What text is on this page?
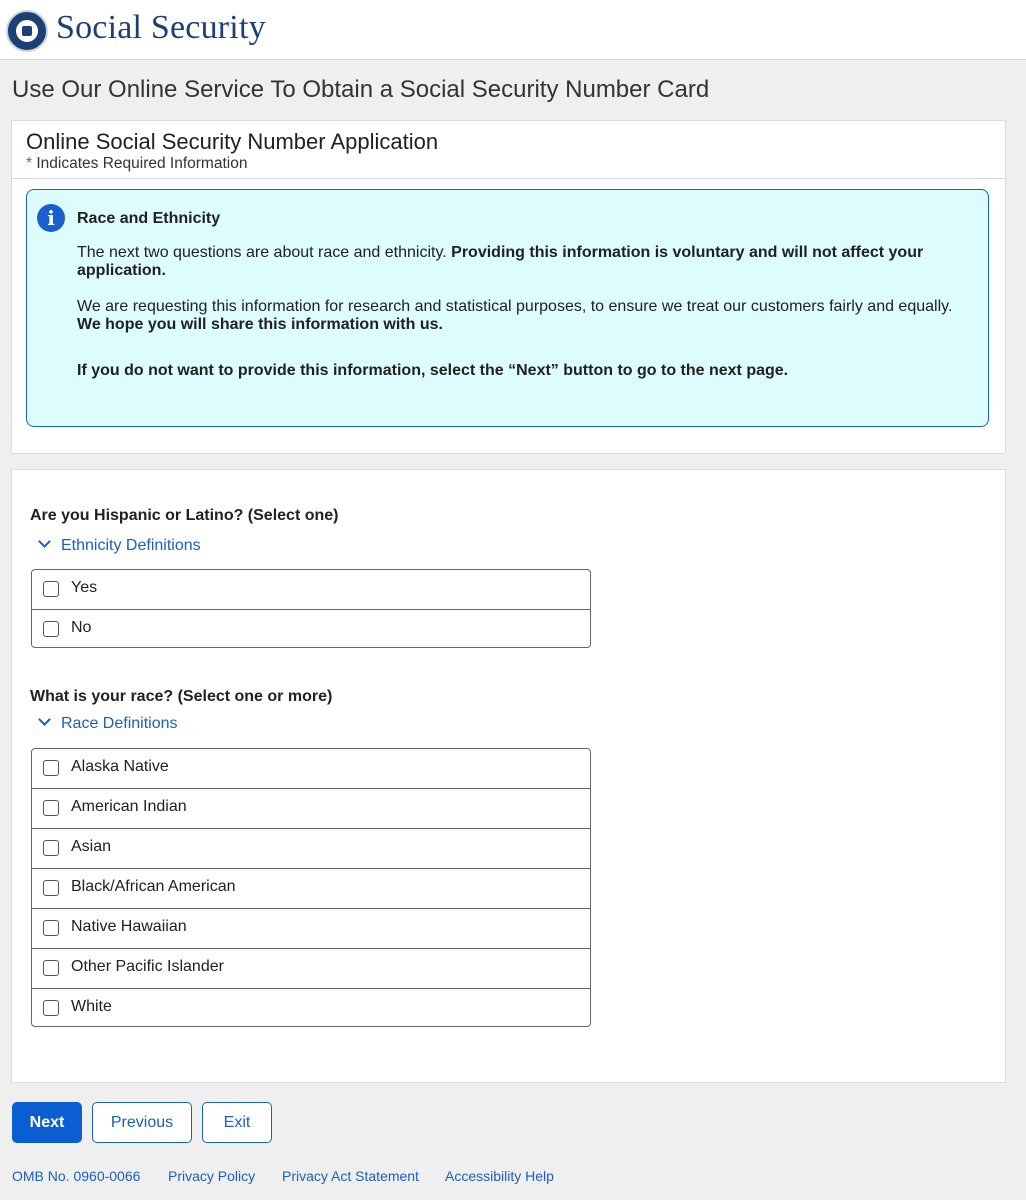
Social Security
Use Our Online Service To Obtain a Social Security Number Card
Online Social Security Number Application
* Indicates Required Information
i	Race and Ethnicity
The next two questions are about race and ethnicity. Providing this information is voluntary and will not affect your application.
We are requesting this information for research and statistical purposes, to ensure we treat our customers fairly and equally. We hope you will share this information with us.
If you do not want to provide this information, select the “Next” button to go to the next page.
Are you Hispanic or Latino? (Select one)
Ethnicity Definitions
Yes
No
What is your race? (Select one or more)
Race Definitions
Alaska Native
American Indian
Asian
Black/African American
Native Hawaiian
Other Pacific Islander
White
Next	Previous	Exit
OMB No. 0960-0066 Privacy Policy Privacy Act Statement Accessibility Help
